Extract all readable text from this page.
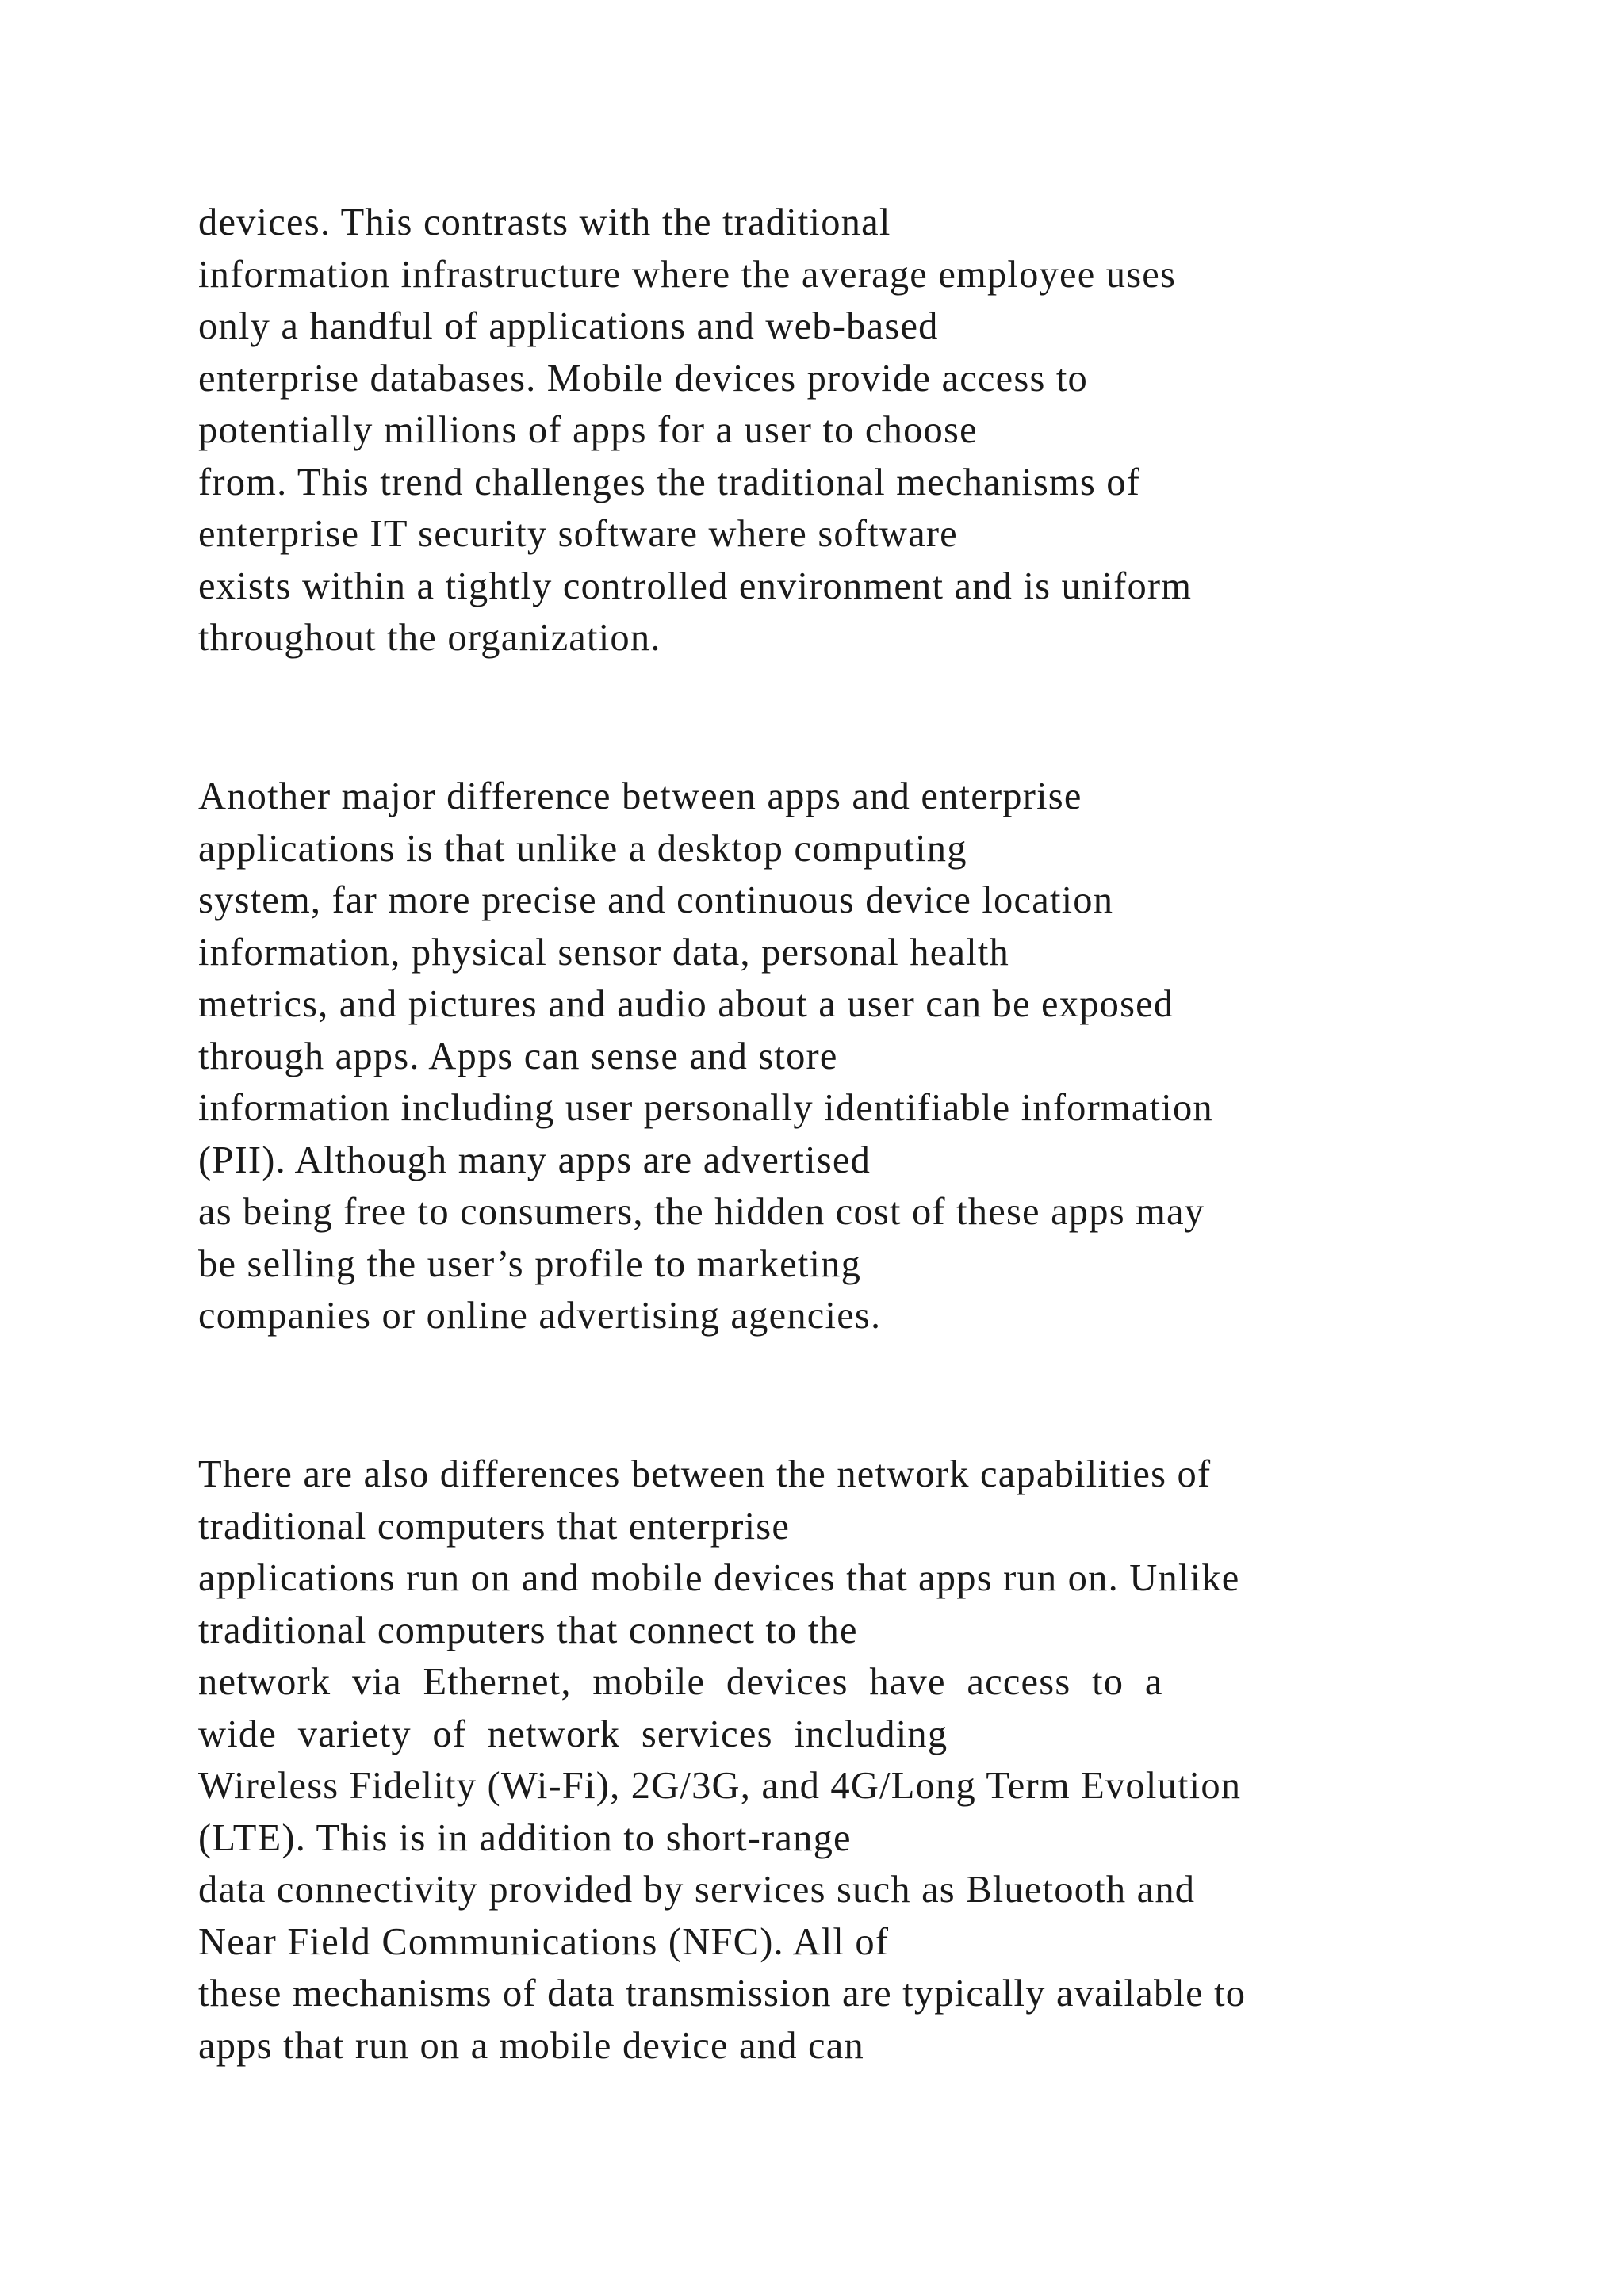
devices. This contrasts with the traditional
information infrastructure where the average employee uses
only a handful of applications and web-based
enterprise databases. Mobile devices provide access to
potentially millions of apps for a user to choose
from. This trend challenges the traditional mechanisms of
enterprise IT security software where software
exists within a tightly controlled environment and is uniform
throughout the organization.
Another major difference between apps and enterprise
applications is that unlike a desktop computing
system, far more precise and continuous device location
information, physical sensor data, personal health
metrics, and pictures and audio about a user can be exposed
through apps. Apps can sense and store
information including user personally identifiable information
(PII). Although many apps are advertised
as being free to consumers, the hidden cost of these apps may
be selling the user’s profile to marketing
companies or online advertising agencies.
There are also differences between the network capabilities of
traditional computers that enterprise
applications run on and mobile devices that apps run on. Unlike
traditional computers that connect to the
network  via  Ethernet,  mobile  devices  have  access  to  a
wide  variety  of  network  services  including
Wireless Fidelity (Wi-Fi), 2G/3G, and 4G/Long Term Evolution
(LTE). This is in addition to short-range
data connectivity provided by services such as Bluetooth and
Near Field Communications (NFC). All of
these mechanisms of data transmission are typically available to
apps that run on a mobile device and can
